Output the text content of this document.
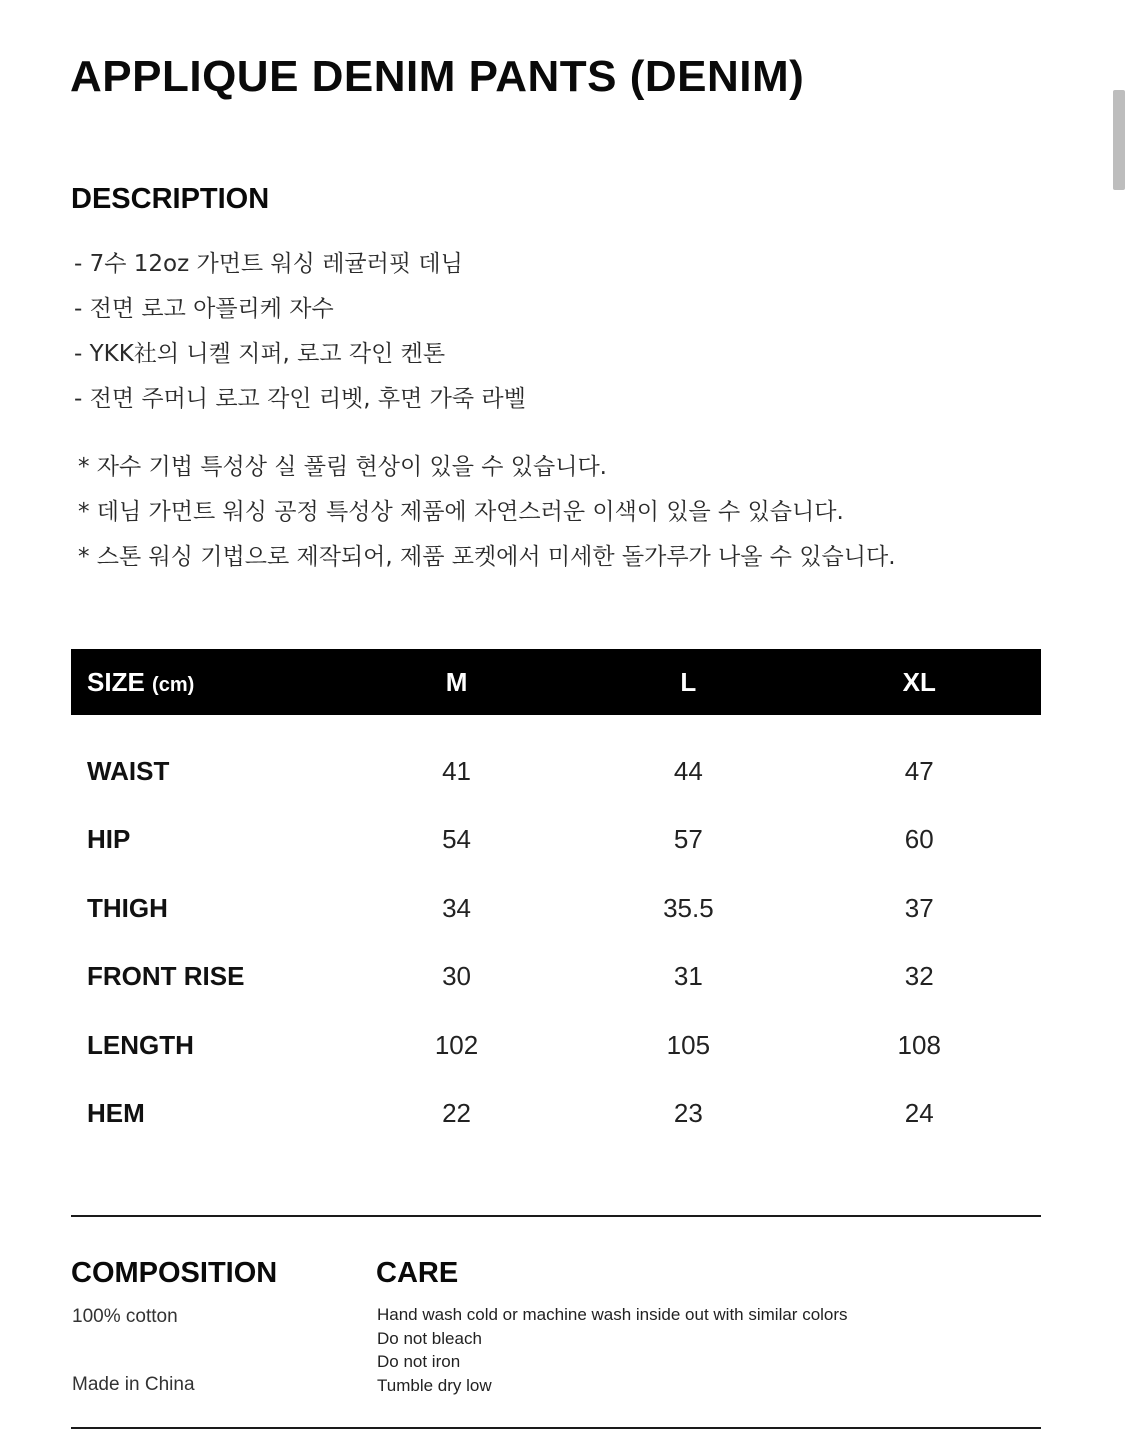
APPLIQUE DENIM PANTS (DENIM)
DESCRIPTION
- 7수 12oz 가먼트 워싱 레귤러핏 데님
- 전면 로고 아플리케 자수
- YKK社의 니켈 지퍼, 로고 각인 켄톤
- 전면 주머니 로고 각인 리벳, 후면 가죽 라벨
* 자수 기법 특성상 실 풀림 현상이 있을 수 있습니다.
* 데님 가먼트 워싱 공정 특성상 제품에 자연스러운 이색이 있을 수 있습니다.
* 스톤 워싱 기법으로 제작되어, 제품 포켓에서 미세한 돌가루가 나올 수 있습니다.
SIZE (cm)	M	L	XL

WAIST	41	44	47
HIP	54	57	60
THIGH	34	35.5	37
FRONT RISE	30	31	32
LENGTH	102	105	108
HEM	22	23	24
COMPOSITION

100% cotton

Made in China

CARE
Hand wash cold or machine wash inside out with similar colors
Do not bleach
Do not iron
Tumble dry low
